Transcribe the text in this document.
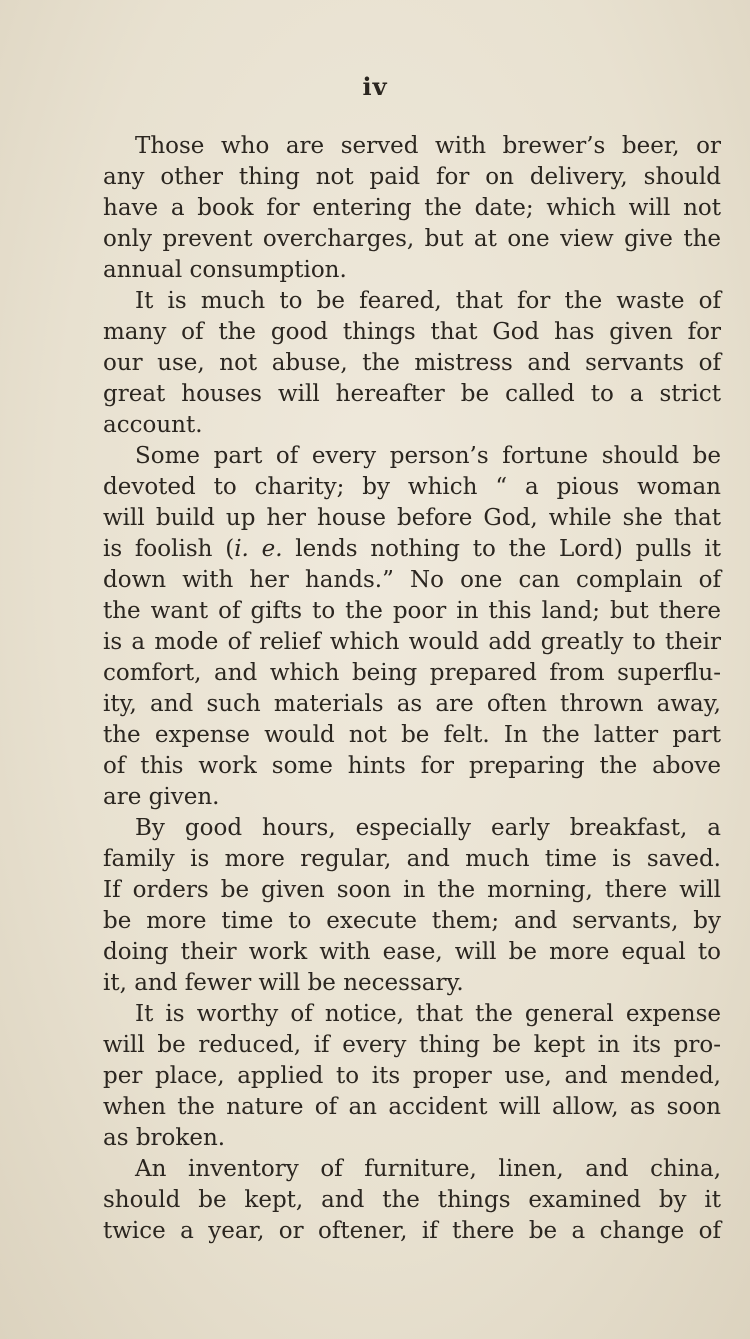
iv
Those who are served with brewer’s beer, or
any other thing not paid for on delivery, should
have a book for entering the date; which will not
only prevent overcharges, but at one view give the
annual consumption.
It is much to be feared, that for the waste of
many of the good things that God has given for
our use, not abuse, the mistress and servants of
great houses will hereafter be called to a strict
account.
Some part of every person’s fortune should be
devoted to charity; by which “ a pious woman
will build up her house before God, while she that
is foolish (i. e. lends nothing to the Lord) pulls it
down with her hands.” No one can complain of
the want of gifts to the poor in this land; but there
is a mode of relief which would add greatly to their
comfort, and which being prepared from superflu-
ity, and such materials as are often thrown away,
the expense would not be felt. In the latter part
of this work some hints for preparing the above
are given.
By good hours, especially early breakfast, a
family is more regular, and much time is saved.
If orders be given soon in the morning, there will
be more time to execute them; and servants, by
doing their work with ease, will be more equal to
it, and fewer will be necessary.
It is worthy of notice, that the general expense
will be reduced, if every thing be kept in its pro-
per place, applied to its proper use, and mended,
when the nature of an accident will allow, as soon
as broken.
An inventory of furniture, linen, and china,
should be kept, and the things examined by it
twice a year, or oftener, if there be a change of
